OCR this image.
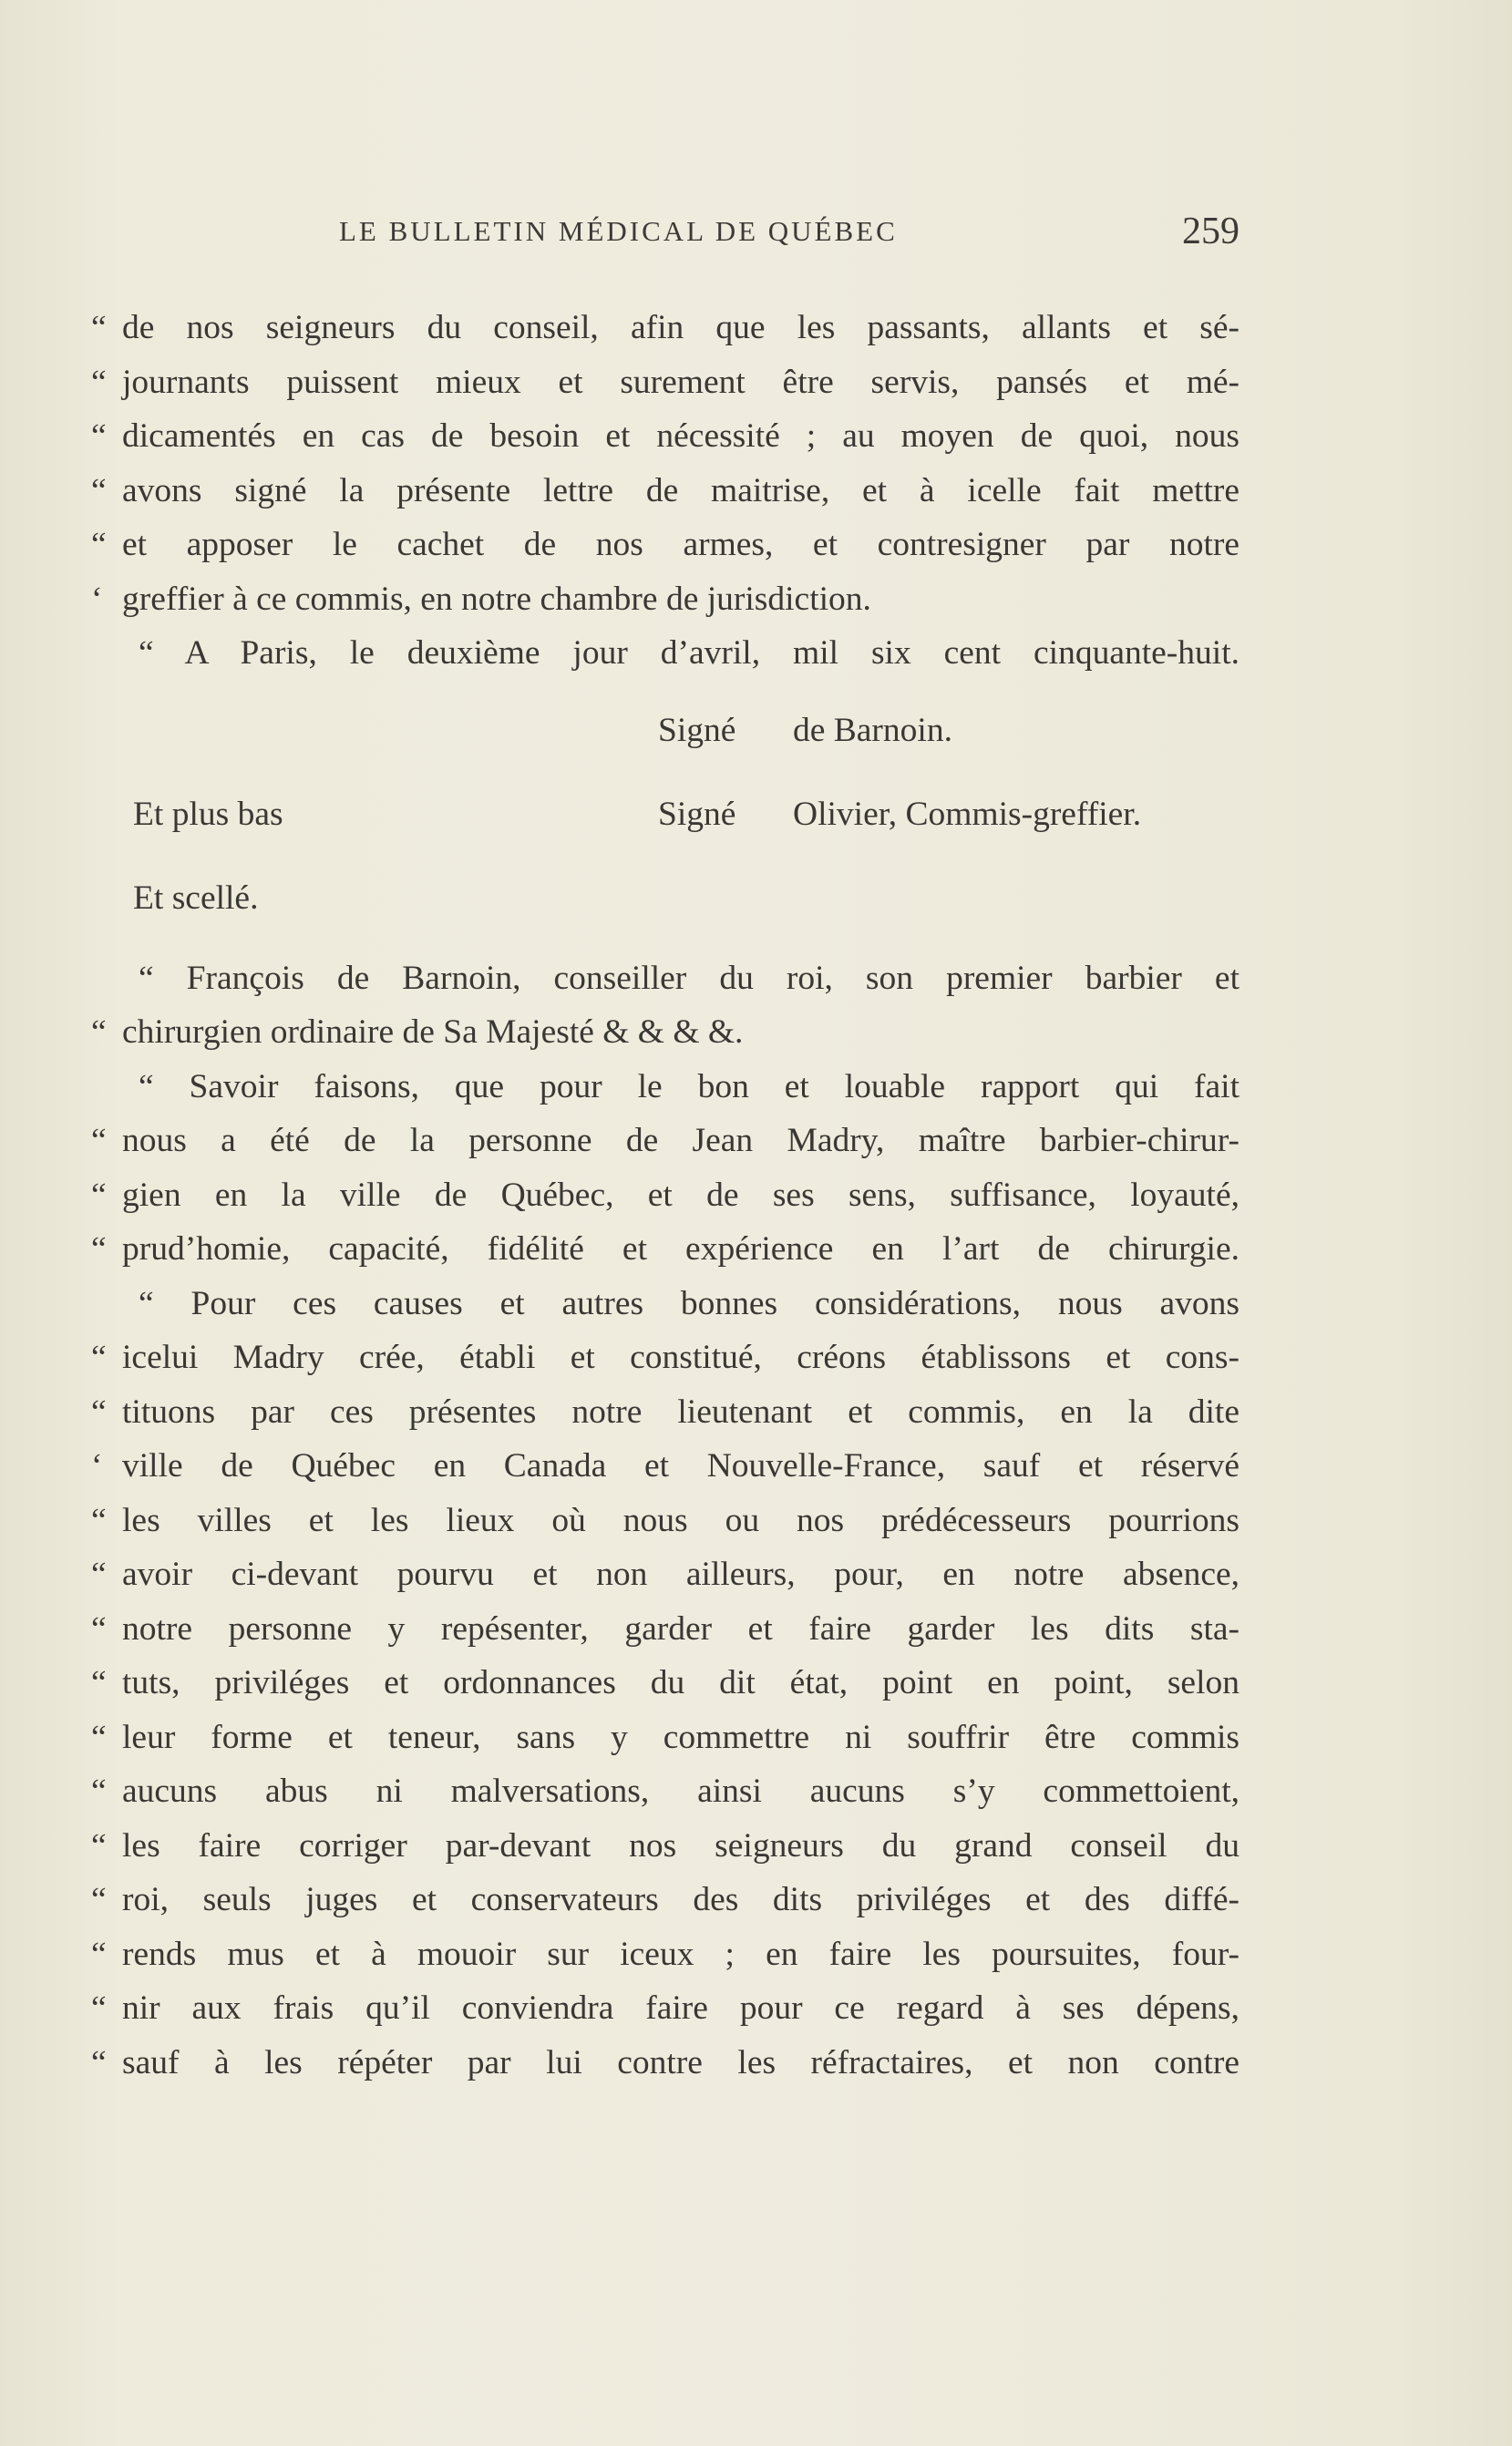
LE BULLETIN MÉDICAL DE QUÉBEC	259
“ de nos seigneurs du conseil, afin que les passants, allants et sé-
“ journants puissent mieux et surement être servis, pansés et mé-
“ dicamentés en cas de besoin et nécessité ; au moyen de quoi, nous
“ avons signé la présente lettre de maitrise, et à icelle fait mettre
“ et apposer le cachet de nos armes, et contresigner par notre
‘ greffier à ce commis, en notre chambre de jurisdiction.
“ A Paris, le deuxième jour d’avril, mil six cent cinquante-huit.
Signé de Barnoin.
Et plus bas	Signé Olivier, Commis-greffier.
Et scellé.
“ François de Barnoin, conseiller du roi, son premier barbier et
“ chirurgien ordinaire de Sa Majesté & & & &.
“ Savoir faisons, que pour le bon et louable rapport qui fait
“ nous a été de la personne de Jean Madry, maître barbier-chirur-
“ gien en la ville de Québec, et de ses sens, suffisance, loyauté,
“ prud’homie, capacité, fidélité et expérience en l’art de chirurgie.
“ Pour ces causes et autres bonnes considérations, nous avons
“ icelui Madry crée, établi et constitué, créons établissons et cons-
“ tituons par ces présentes notre lieutenant et commis, en la dite
‘ ville de Québec en Canada et Nouvelle-France, sauf et réservé
“ les villes et les lieux où nous ou nos prédécesseurs pourrions
“ avoir ci-devant pourvu et non ailleurs, pour, en notre absence,
“ notre personne y repésenter, garder et faire garder les dits sta-
“ tuts, priviléges et ordonnances du dit état, point en point, selon
“ leur forme et teneur, sans y commettre ni souffrir être commis
“ aucuns abus ni malversations, ainsi aucuns s’y commettoient,
“ les faire corriger par-devant nos seigneurs du grand conseil du
“ roi, seuls juges et conservateurs des dits priviléges et des diffé-
“ rends mus et à mouoir sur iceux ; en faire les poursuites, four-
“ nir aux frais qu’il conviendra faire pour ce regard à ses dépens,
“ sauf à les répéter par lui contre les réfractaires, et non contre
